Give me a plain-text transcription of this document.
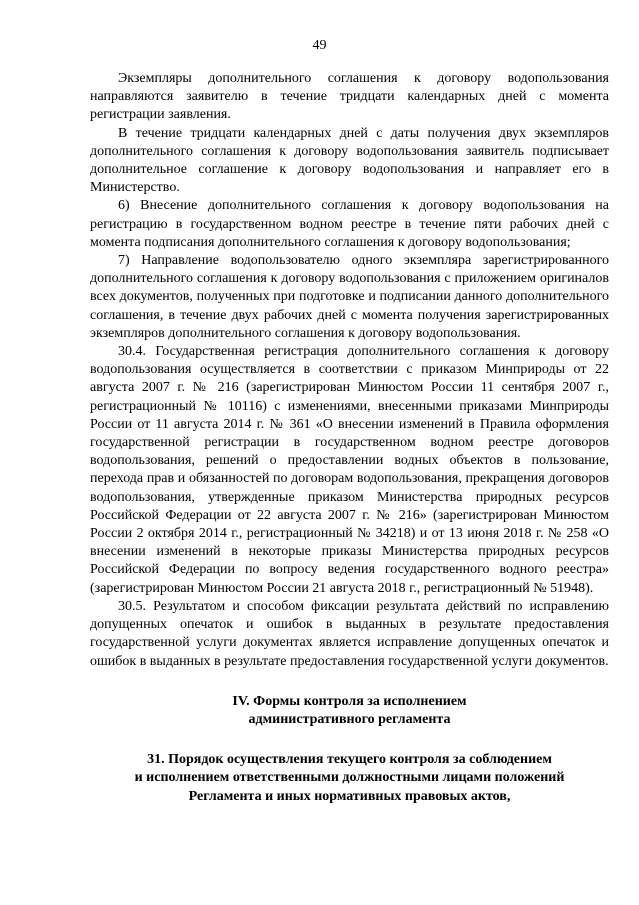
49

Экземпляры дополнительного соглашения к договору водопользования направляются заявителю в течение тридцати календарных дней с момента регистрации заявления.

В течение тридцати календарных дней с даты получения двух экземпляров дополнительного соглашения к договору водопользования заявитель подписывает дополнительное соглашение к договору водопользования и направляет его в Министерство.

6) Внесение дополнительного соглашения к договору водопользования на регистрацию в государственном водном реестре в течение пяти рабочих дней с момента подписания дополнительного соглашения к договору водопользования;

7) Направление водопользователю одного экземпляра зарегистрированного дополнительного соглашения к договору водопользования с приложением оригиналов всех документов, полученных при подготовке и подписании данного дополнительного соглашения, в течение двух рабочих дней с момента получения зарегистрированных экземпляров дополнительного соглашения к договору водопользования.

30.4. Государственная регистрация дополнительного соглашения к договору водопользования осуществляется в соответствии с приказом Минприроды от 22 августа 2007 г. № 216 (зарегистрирован Минюстом России 11 сентября 2007 г., регистрационный № 10116) с изменениями, внесенными приказами Минприроды России от 11 августа 2014 г. № 361 «О внесении изменений в Правила оформления государственной регистрации в государственном водном реестре договоров водопользования, решений о предоставлении водных объектов в пользование, перехода прав и обязанностей по договорам водопользования, прекращения договоров водопользования, утвержденные приказом Министерства природных ресурсов Российской Федерации от 22 августа 2007 г. № 216» (зарегистрирован Минюстом России 2 октября 2014 г., регистрационный № 34218) и от 13 июня 2018 г. № 258 «О внесении изменений в некоторые приказы Министерства природных ресурсов Российской Федерации по вопросу ведения государственного водного реестра» (зарегистрирован Минюстом России 21 августа 2018 г., регистрационный № 51948).

30.5. Результатом и способом фиксации результата действий по исправлению допущенных опечаток и ошибок в выданных в результате предоставления государственной услуги документах является исправление допущенных опечаток и ошибок в выданных в результате предоставления государственной услуги документов.

IV. Формы контроля за исполнением
административного регламента
31. Порядок осуществления текущего контроля за соблюдением
и исполнением ответственными должностными лицами положений
Регламента и иных нормативных правовых актов,
